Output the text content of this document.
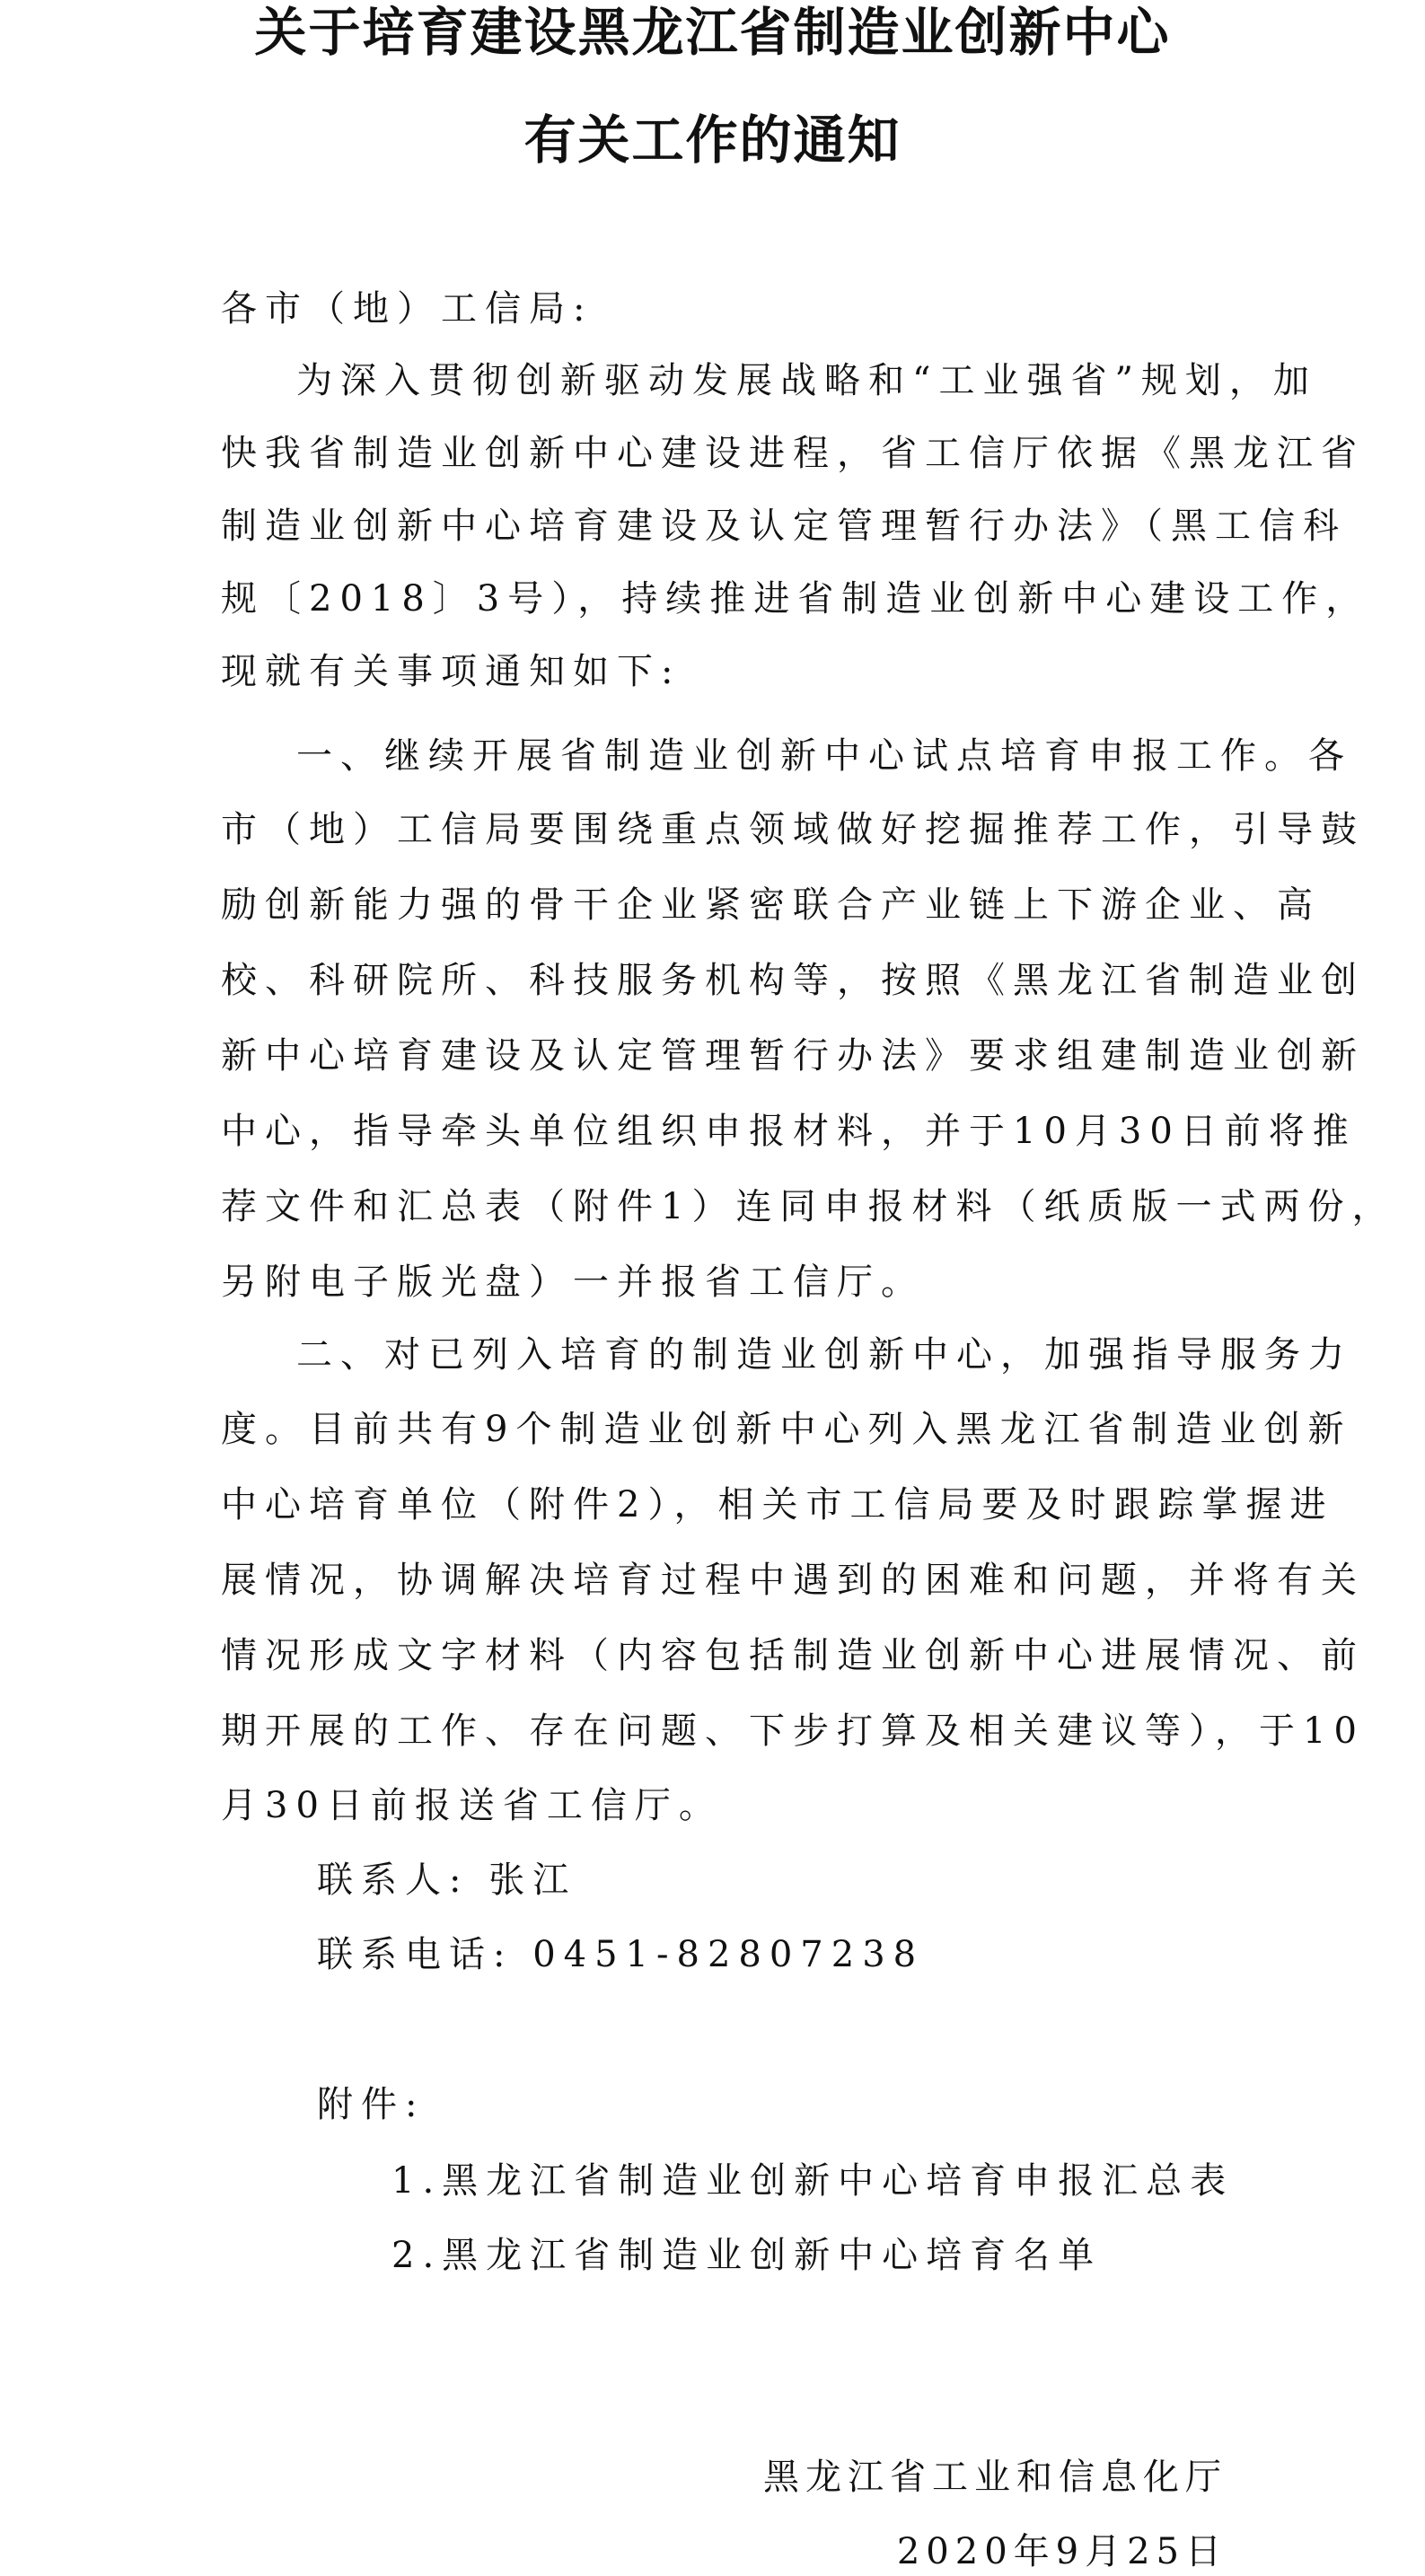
关于培育建设黑龙江省制造业创新中心
有关工作的通知
各市（地）工信局:
为深入贯彻创新驱动发展战略和“工业强省”规划，加
快我省制造业创新中心建设进程，省工信厅依据《黑龙江省
制造业创新中心培育建设及认定管理暂行办法》（黑工信科
规〔2018〕3号），持续推进省制造业创新中心建设工作，
现就有关事项通知如下:
一、继续开展省制造业创新中心试点培育申报工作。各
市（地）工信局要围绕重点领域做好挖掘推荐工作，引导鼓
励创新能力强的骨干企业紧密联合产业链上下游企业、高
校、科研院所、科技服务机构等，按照《黑龙江省制造业创
新中心培育建设及认定管理暂行办法》要求组建制造业创新
中心，指导牵头单位组织申报材料，并于10月30日前将推
荐文件和汇总表（附件1）连同申报材料（纸质版一式两份，
另附电子版光盘）一并报省工信厅。
二、对已列入培育的制造业创新中心，加强指导服务力
度。目前共有9个制造业创新中心列入黑龙江省制造业创新
中心培育单位（附件2），相关市工信局要及时跟踪掌握进
展情况，协调解决培育过程中遇到的困难和问题，并将有关
情况形成文字材料（内容包括制造业创新中心进展情况、前
期开展的工作、存在问题、下步打算及相关建议等），于10
月30日前报送省工信厅。
联系人: 张江
联系电话: 0451-82807238
附件:
1.黑龙江省制造业创新中心培育申报汇总表
2.黑龙江省制造业创新中心培育名单
黑龙江省工业和信息化厅
2020年9月25日
